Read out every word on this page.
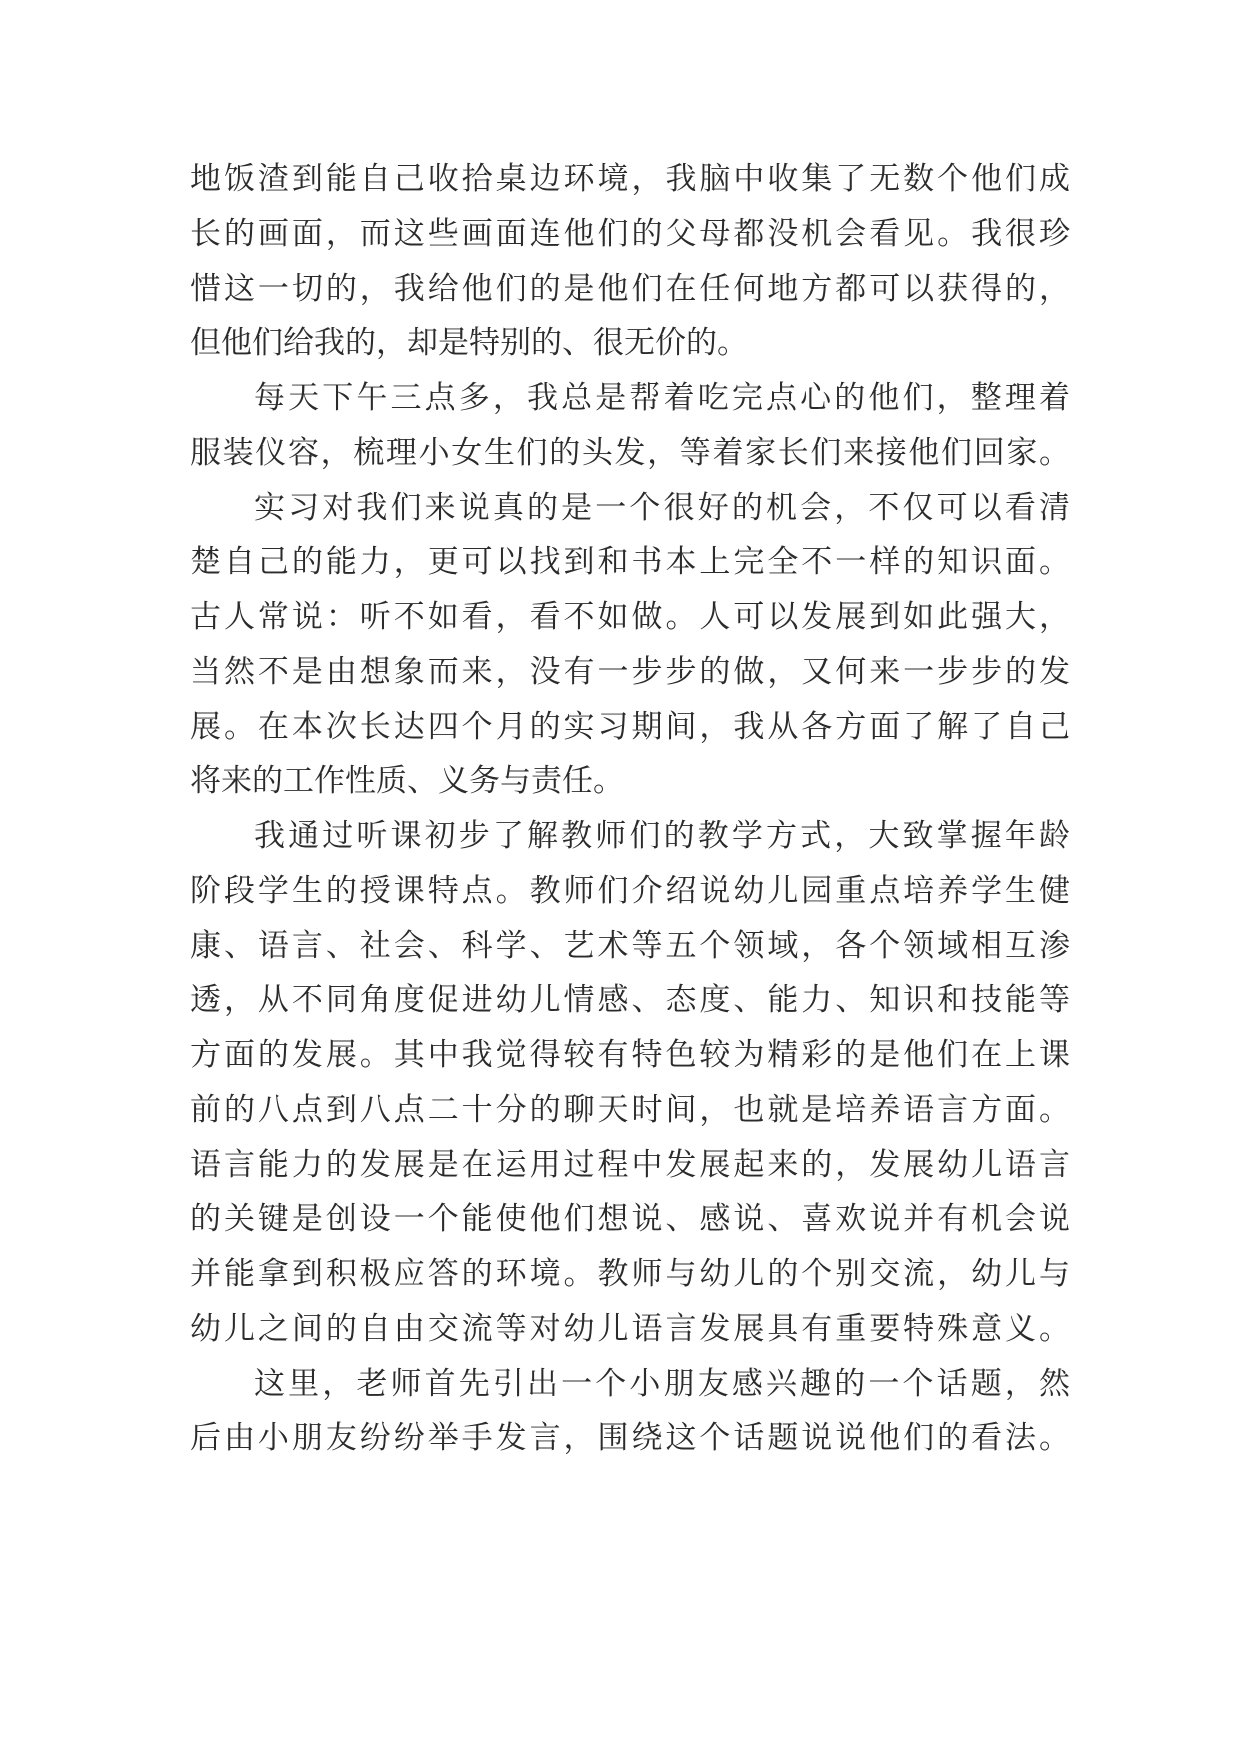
地饭渣到能自己收拾桌边环境，我脑中收集了无数个他们成
长的画面，而这些画面连他们的父母都没机会看见。我很珍
惜这一切的，我给他们的是他们在任何地方都可以获得的，
但他们给我的，却是特别的、很无价的。
每天下午三点多，我总是帮着吃完点心的他们，整理着
服装仪容，梳理小女生们的头发，等着家长们来接他们回家。
实习对我们来说真的是一个很好的机会，不仅可以看清
楚自己的能力，更可以找到和书本上完全不一样的知识面。
古人常说：听不如看，看不如做。人可以发展到如此强大，
当然不是由想象而来，没有一步步的做，又何来一步步的发
展。在本次长达四个月的实习期间，我从各方面了解了自己
将来的工作性质、义务与责任。
我通过听课初步了解教师们的教学方式，大致掌握年龄
阶段学生的授课特点。教师们介绍说幼儿园重点培养学生健
康、语言、社会、科学、艺术等五个领域，各个领域相互渗
透，从不同角度促进幼儿情感、态度、能力、知识和技能等
方面的发展。其中我觉得较有特色较为精彩的是他们在上课
前的八点到八点二十分的聊天时间，也就是培养语言方面。
语言能力的发展是在运用过程中发展起来的，发展幼儿语言
的关键是创设一个能使他们想说、感说、喜欢说并有机会说
并能拿到积极应答的环境。教师与幼儿的个别交流，幼儿与
幼儿之间的自由交流等对幼儿语言发展具有重要特殊意义。
这里，老师首先引出一个小朋友感兴趣的一个话题，然
后由小朋友纷纷举手发言，围绕这个话题说说他们的看法。
